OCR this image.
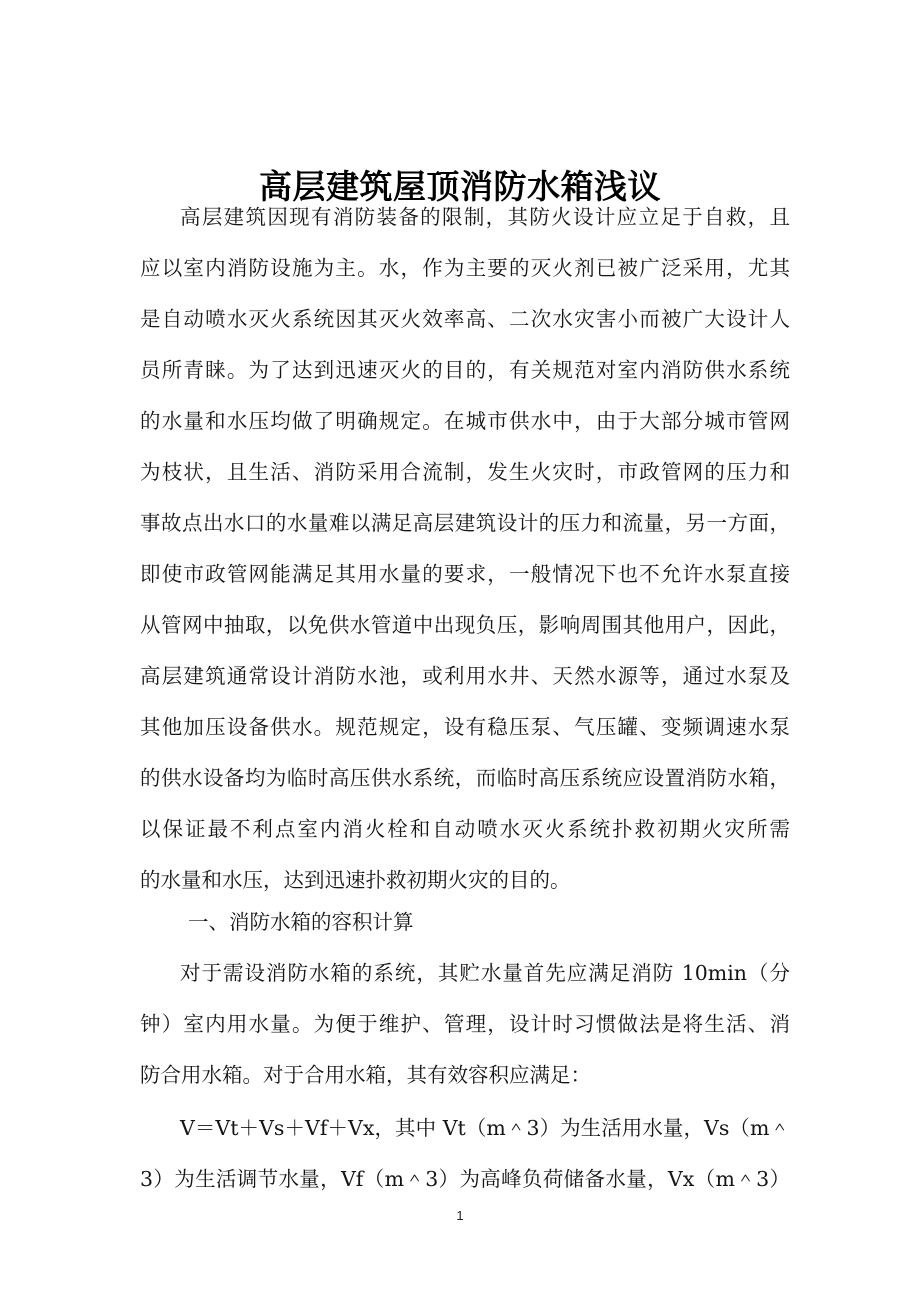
高层建筑屋顶消防水箱浅议
高层建筑因现有消防装备的限制，其防火设计应立足于自救，且
应以室内消防设施为主。水，作为主要的灭火剂已被广泛采用，尤其
是自动喷水灭火系统因其灭火效率高、二次水灾害小而被广大设计人
员所青睐。为了达到迅速灭火的目的，有关规范对室内消防供水系统
的水量和水压均做了明确规定。在城市供水中，由于大部分城市管网
为枝状，且生活、消防采用合流制，发生火灾时，市政管网的压力和
事故点出水口的水量难以满足高层建筑设计的压力和流量，另一方面，
即使市政管网能满足其用水量的要求，一般情况下也不允许水泵直接
从管网中抽取，以免供水管道中出现负压，影响周围其他用户，因此，
高层建筑通常设计消防水池，或利用水井、天然水源等，通过水泵及
其他加压设备供水。规范规定，设有稳压泵、气压罐、变频调速水泵
的供水设备均为临时高压供水系统，而临时高压系统应设置消防水箱，
以保证最不利点室内消火栓和自动喷水灭火系统扑救初期火灾所需
的水量和水压，达到迅速扑救初期火灾的目的。
一、消防水箱的容积计算
对于需设消防水箱的系统，其贮水量首先应满足消防 10min（分
钟）室内用水量。为便于维护、管理，设计时习惯做法是将生活、消
防合用水箱。对于合用水箱，其有效容积应满足：
V＝Vt＋Vs＋Vf＋Vx，其中 Vt（m＾3）为生活用水量，Vs（m＾
3）为生活调节水量，Vf（m＾3）为高峰负荷储备水量，Vx（m＾3）
1
